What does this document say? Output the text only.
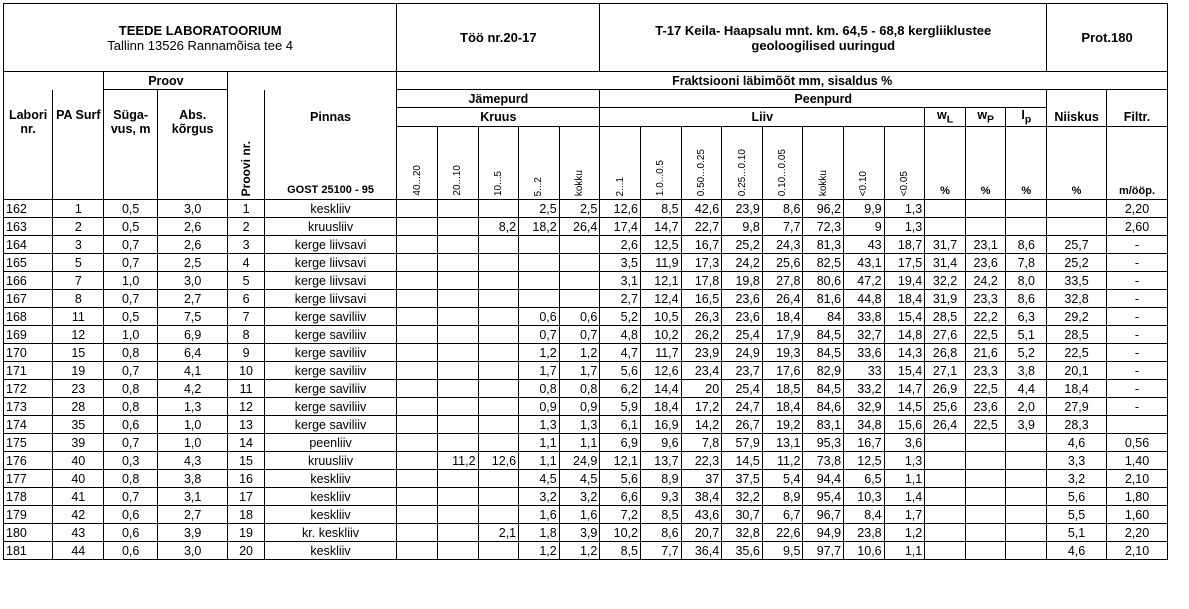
TEEDE LABORATOORIUM
Tallinn 13526 Rannamõisa tee 4						Töö nr.20-17					T-17 Keila- Haapsalu mnt. km. 64,5 - 68,8 kergliiklustee geoloogilised uuringud											Prot.180	
		Proov				Fraktsiooni läbimõõt mm, sisaldus %																	
						Jämepurd					Peenpurd												
Labori nr.	PA Surf	Süga-vus, m	Abs. kõrgus	Proovi nr.	Pinnas
GOST 25100 - 95	Kruus					Liiv								$w_L$	$w_P$	$I_p$	Niiskus	Filtr.
						40...20	20...10	10...5	5...2	kokku	2...1	1.0...0.5	0.50...0.25	0.25...0.10	0.10...0.05	kokku	<0.10	<0.05	%	%	%	%	m/ööp.
162	1	0,5	3,0	1	keskliiv				2,5	2,5	12,6	8,5	42,6	23,9	8,6	96,2	9,9	1,3					2,20
163	2	0,5	2,6	2	kruusliiv			8,2	18,2	26,4	17,4	14,7	22,7	9,8	7,7	72,3	9	1,3					2,60
164	3	0,7	2,6	3	kerge liivsavi						2,6	12,5	16,7	25,2	24,3	81,3	43	18,7	31,7	23,1	8,6	25,7	-
165	5	0,7	2,5	4	kerge liivsavi						3,5	11,9	17,3	24,2	25,6	82,5	43,1	17,5	31,4	23,6	7,8	25,2	-
166	7	1,0	3,0	5	kerge liivsavi						3,1	12,1	17,8	19,8	27,8	80,6	47,2	19,4	32,2	24,2	8,0	33,5	-
167	8	0,7	2,7	6	kerge liivsavi						2,7	12,4	16,5	23,6	26,4	81,6	44,8	18,4	31,9	23,3	8,6	32,8	-
168	11	0,5	7,5	7	kerge saviliiv				0,6	0,6	5,2	10,5	26,3	23,6	18,4	84	33,8	15,4	28,5	22,2	6,3	29,2	-
169	12	1,0	6,9	8	kerge saviliiv				0,7	0,7	4,8	10,2	26,2	25,4	17,9	84,5	32,7	14,8	27,6	22,5	5,1	28,5	-
170	15	0,8	6,4	9	kerge saviliiv				1,2	1,2	4,7	11,7	23,9	24,9	19,3	84,5	33,6	14,3	26,8	21,6	5,2	22,5	-
171	19	0,7	4,1	10	kerge saviliiv				1,7	1,7	5,6	12,6	23,4	23,7	17,6	82,9	33	15,4	27,1	23,3	3,8	20,1	-
172	23	0,8	4,2	11	kerge saviliiv				0,8	0,8	6,2	14,4	20	25,4	18,5	84,5	33,2	14,7	26,9	22,5	4,4	18,4	-
173	28	0,8	1,3	12	kerge saviliiv				0,9	0,9	5,9	18,4	17,2	24,7	18,4	84,6	32,9	14,5	25,6	23,6	2,0	27,9	-
174	35	0,6	1,0	13	kerge saviliiv				1,3	1,3	6,1	16,9	14,2	26,7	19,2	83,1	34,8	15,6	26,4	22,5	3,9	28,3	
175	39	0,7	1,0	14	peenliiv				1,1	1,1	6,9	9,6	7,8	57,9	13,1	95,3	16,7	3,6				4,6	0,56
176	40	0,3	4,3	15	kruusliiv		11,2	12,6	1,1	24,9	12,1	13,7	22,3	14,5	11,2	73,8	12,5	1,3				3,3	1,40
177	40	0,8	3,8	16	keskliiv				4,5	4,5	5,6	8,9	37	37,5	5,4	94,4	6,5	1,1				3,2	2,10
178	41	0,7	3,1	17	keskliiv				3,2	3,2	6,6	9,3	38,4	32,2	8,9	95,4	10,3	1,4				5,6	1,80
179	42	0,6	2,7	18	keskliiv				1,6	1,6	7,2	8,5	43,6	30,7	6,7	96,7	8,4	1,7				5,5	1,60
180	43	0,6	3,9	19	kr. keskliiv			2,1	1,8	3,9	10,2	8,6	20,7	32,8	22,6	94,9	23,8	1,2				5,1	2,20
181	44	0,6	3,0	20	keskliiv				1,2	1,2	8,5	7,7	36,4	35,6	9,5	97,7	10,6	1,1				4,6	2,10
